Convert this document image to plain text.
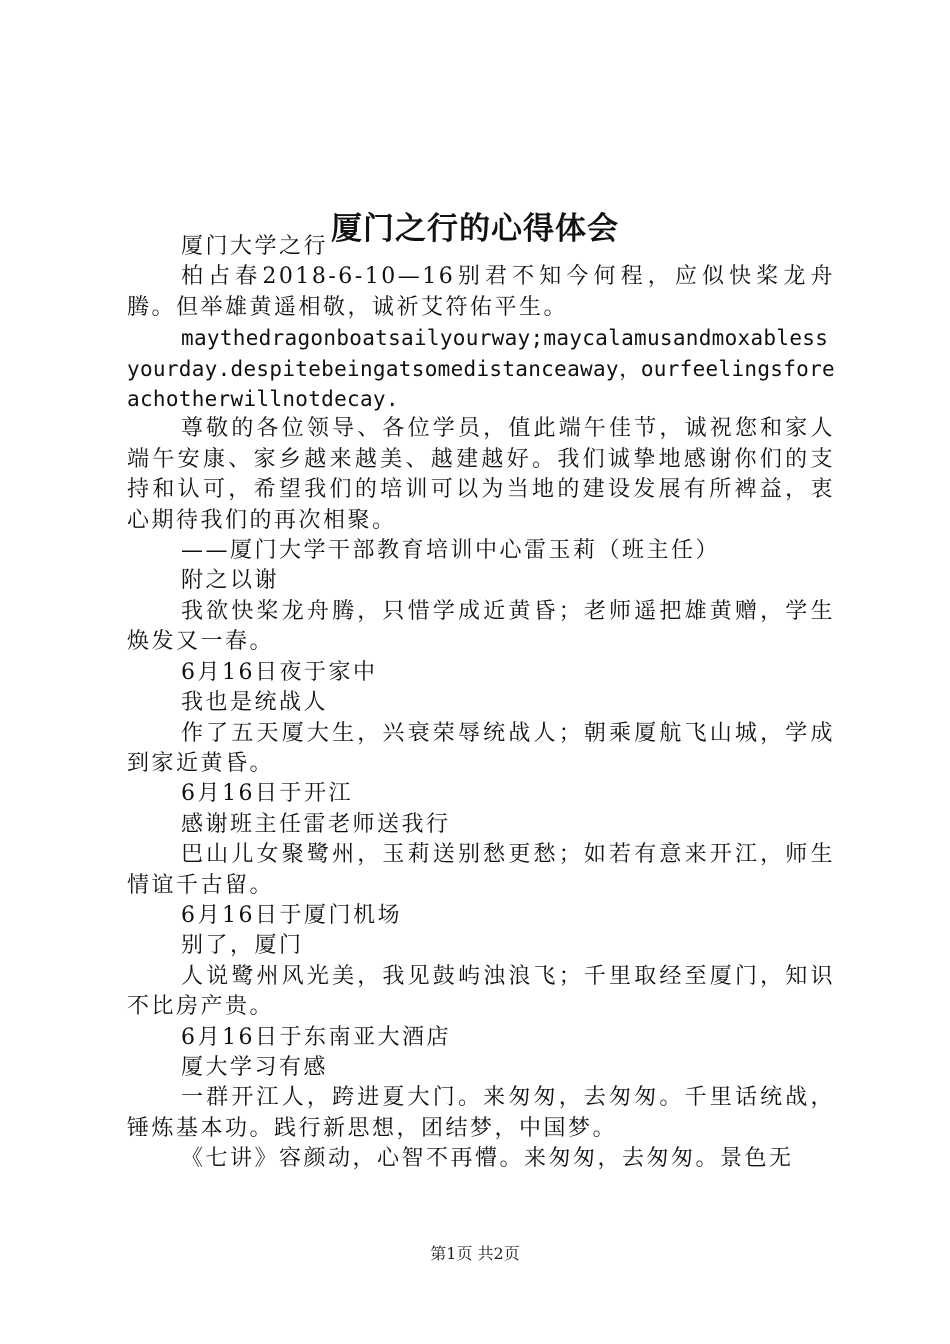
厦门之行的心得体会

厦门大学之行

柏占春2018-6-10—16别君不知今何程，应似快桨龙舟腾。但举雄黄遥相敬，诚祈艾符佑平生。

maythedragonboatsailyourway;maycalamusandmoxablessyourday.despitebeingatsomedistanceaway，ourfeelingsforeachotherwillnotdecay.

尊敬的各位领导、各位学员，值此端午佳节，诚祝您和家人端午安康、家乡越来越美、越建越好。我们诚挚地感谢你们的支持和认可，希望我们的培训可以为当地的建设发展有所裨益，衷心期待我们的再次相聚。

——厦门大学干部教育培训中心雷玉莉（班主任）

附之以谢

我欲快桨龙舟腾，只惜学成近黄昏；老师遥把雄黄赠，学生焕发又一春。

6月16日夜于家中

我也是统战人

作了五天厦大生，兴衰荣辱统战人；朝乘厦航飞山城，学成到家近黄昏。

6月16日于开江

感谢班主任雷老师送我行

巴山儿女聚鹭州，玉莉送别愁更愁；如若有意来开江，师生情谊千古留。

6月16日于厦门机场

别了，厦门

人说鹭州风光美，我见鼓屿浊浪飞；千里取经至厦门，知识不比房产贵。

6月16日于东南亚大酒店

厦大学习有感

一群开江人，跨进夏大门。来匆匆，去匆匆。千里话统战，锤炼基本功。践行新思想，团结梦，中国梦。

《七讲》容颜动，心智不再懵。来匆匆，去匆匆。景色无

第1页 共2页
